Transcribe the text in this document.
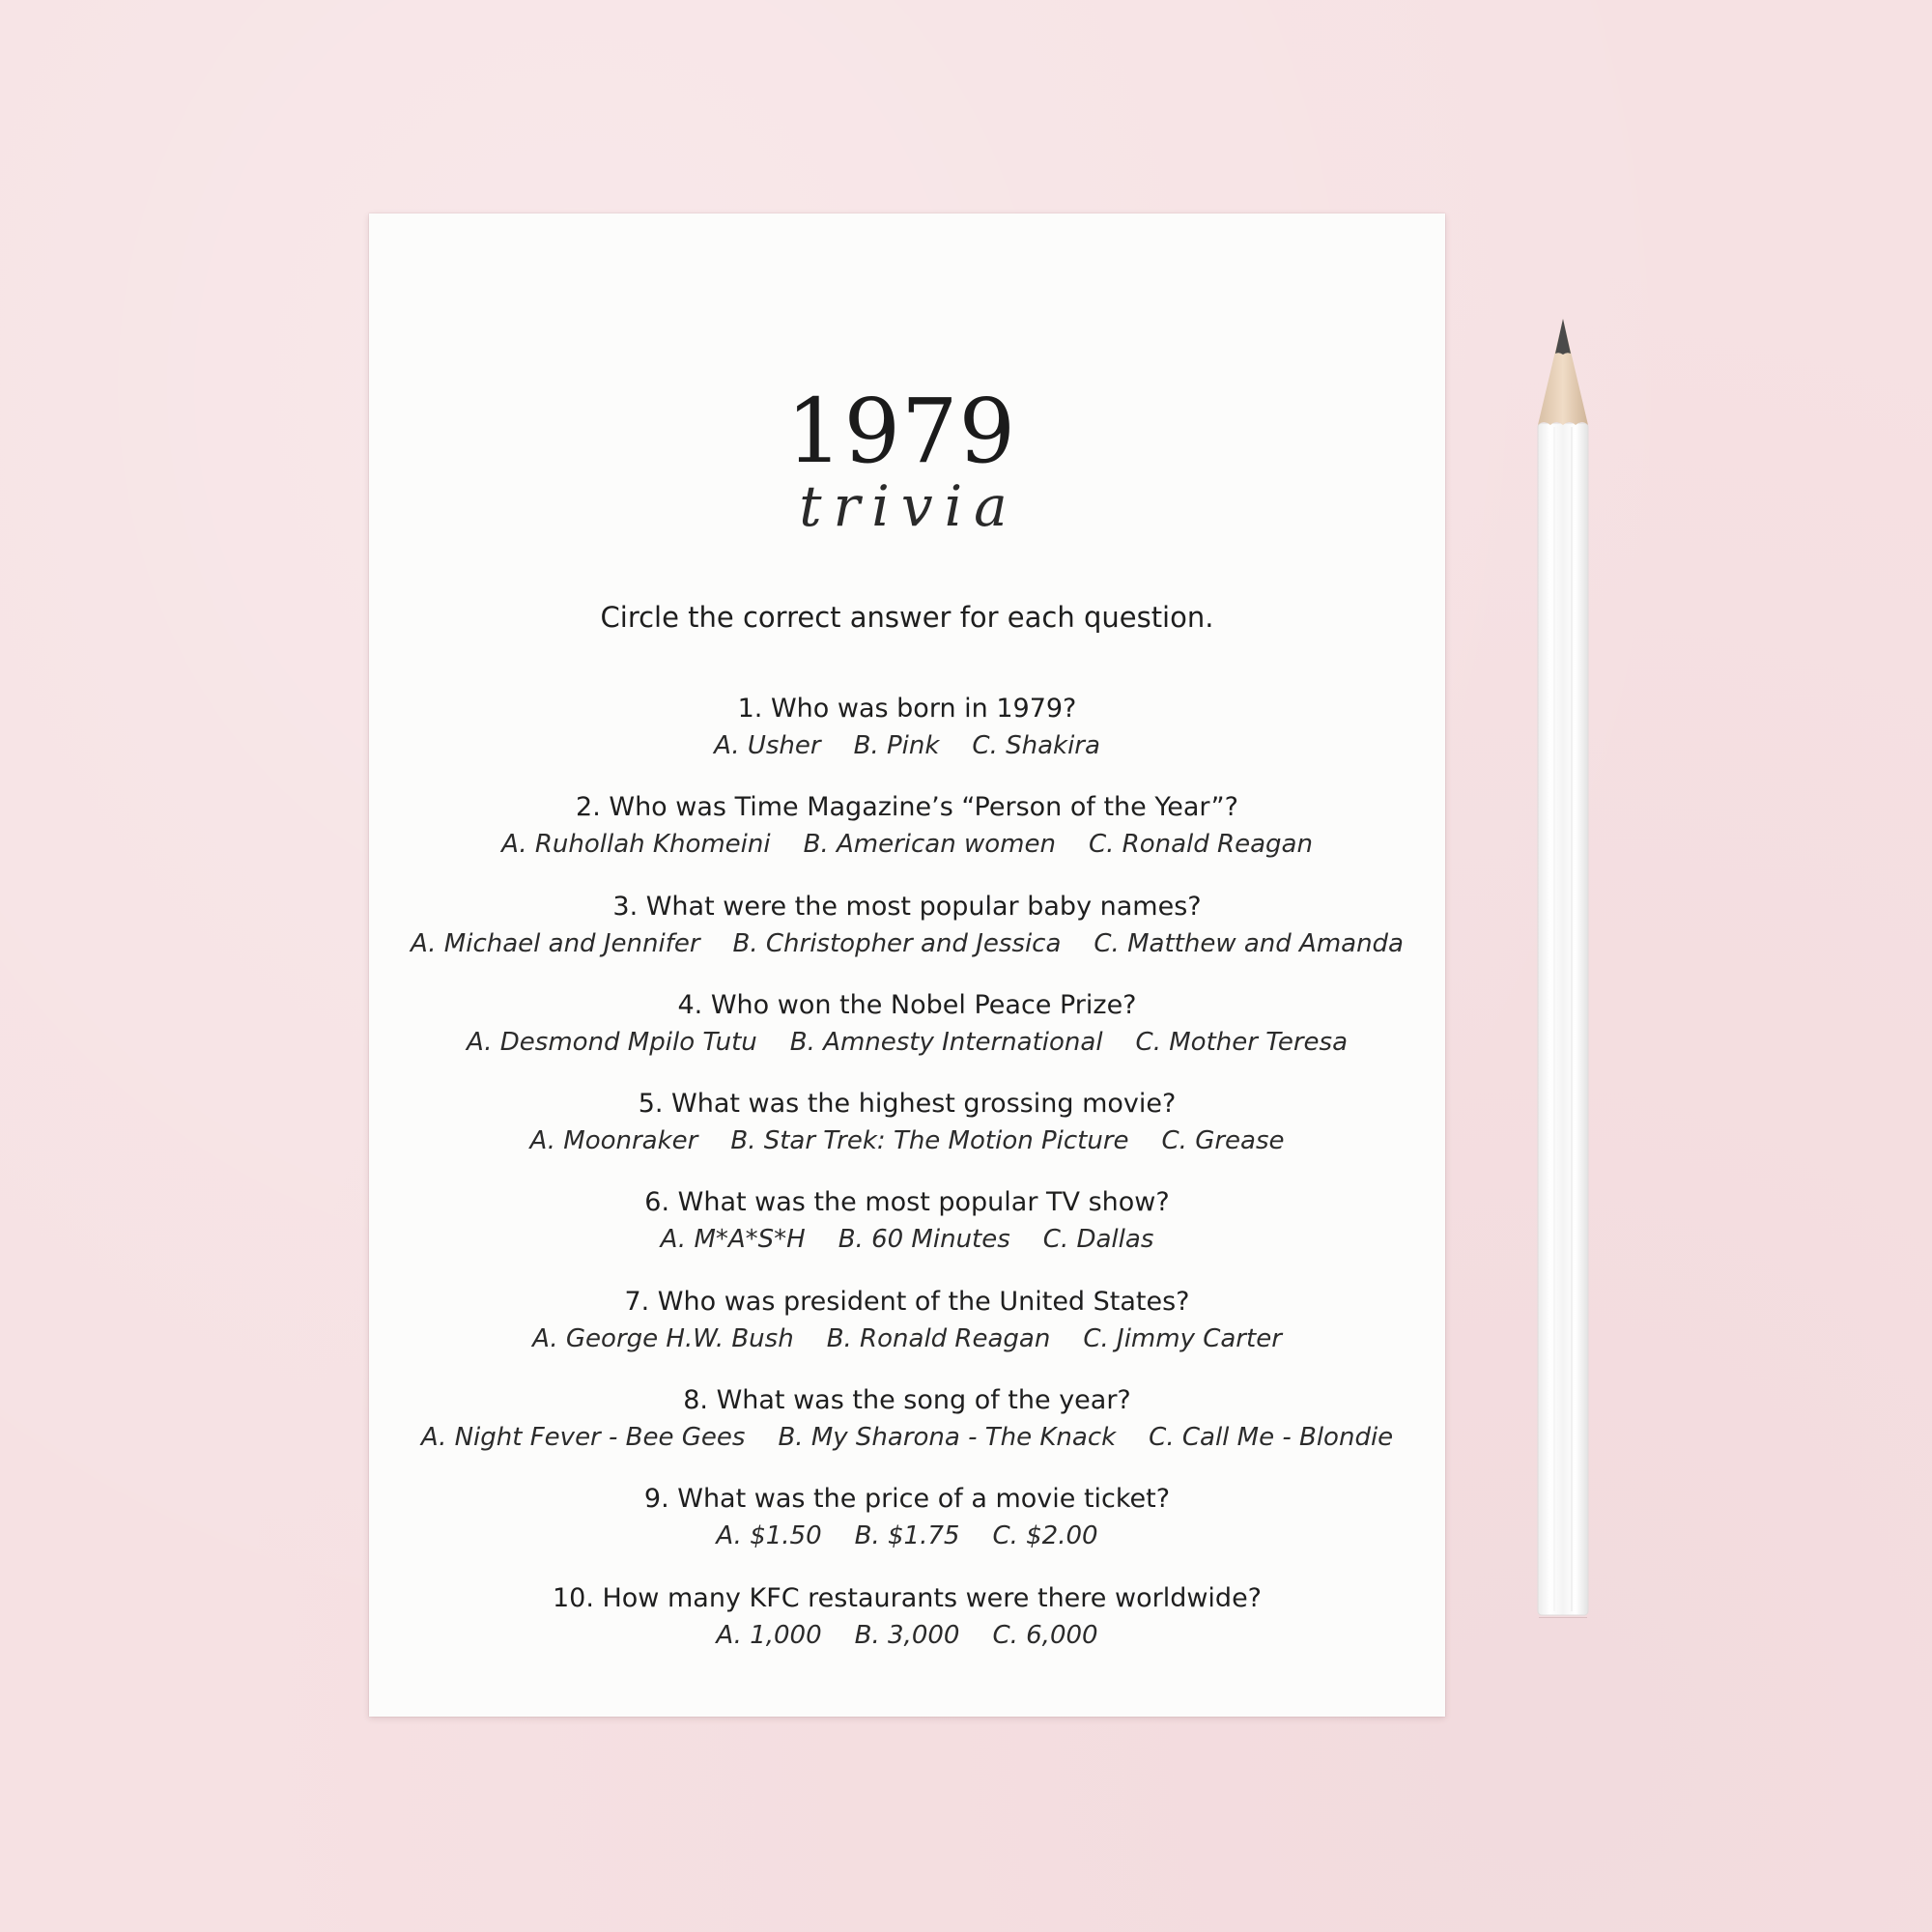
1979
trivia
Circle the correct answer for each question.
1. Who was born in 1979?
A. Usher B. Pink C. Shakira
2. Who was Time Magazine’s “Person of the Year”?
A. Ruhollah Khomeini B. American women C. Ronald Reagan
3. What were the most popular baby names?
A. Michael and Jennifer B. Christopher and Jessica C. Matthew and Amanda
4. Who won the Nobel Peace Prize?
A. Desmond Mpilo Tutu B. Amnesty International C. Mother Teresa
5. What was the highest grossing movie?
A. Moonraker B. Star Trek: The Motion Picture C. Grease
6. What was the most popular TV show?
A. M*A*S*H B. 60 Minutes C. Dallas
7. Who was president of the United States?
A. George H.W. Bush B. Ronald Reagan C. Jimmy Carter
8. What was the song of the year?
A. Night Fever - Bee Gees B. My Sharona - The Knack C. Call Me - Blondie
9. What was the price of a movie ticket?
A. $1.50 B. $1.75 C. $2.00
10. How many KFC restaurants were there worldwide?
A. 1,000 B. 3,000 C. 6,000
